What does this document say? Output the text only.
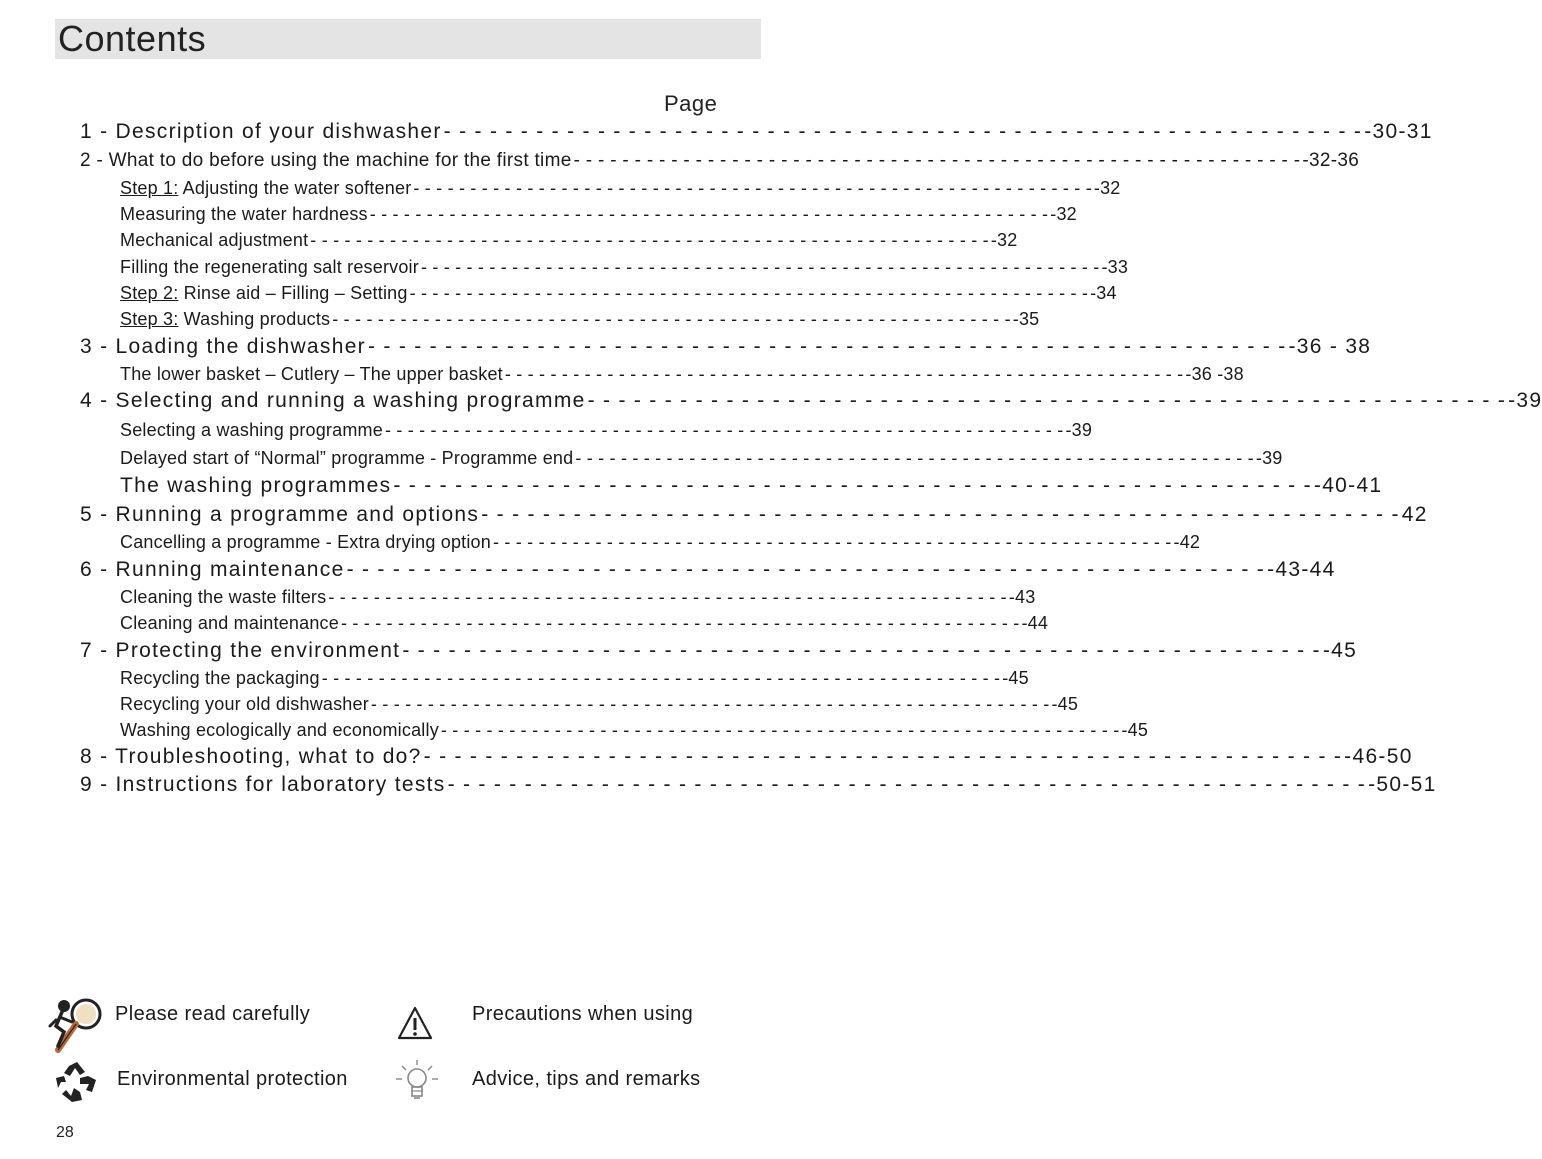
Contents
Page
1 - Description of your dishwasher - - - - - - - - - - - - - - - - - - - - - - - - - - - - - - - - - - - - - - - - - - - - - - - - - - - - - - - - - - - - -30-31
2 - What to do before using the machine for the first time - - - - - - - - - - - - - - - - - - - - - - - - - - - - - - - - - - - - - - - - - - - - - - - - - - - - - - - - - - - - -32-36
Step 1: Adjusting the water softener - - - - - - - - - - - - - - - - - - - - - - - - - - - - - - - - - - - - - - - - - - - - - - - - - - - - - - - - - - - - -32
Measuring the water hardness - - - - - - - - - - - - - - - - - - - - - - - - - - - - - - - - - - - - - - - - - - - - - - - - - - - - - - - - - - - - -32
Mechanical adjustment - - - - - - - - - - - - - - - - - - - - - - - - - - - - - - - - - - - - - - - - - - - - - - - - - - - - - - - - - - - - -32
Filling the regenerating salt reservoir - - - - - - - - - - - - - - - - - - - - - - - - - - - - - - - - - - - - - - - - - - - - - - - - - - - - - - - - - - - - -33
Step 2: Rinse aid – Filling – Setting - - - - - - - - - - - - - - - - - - - - - - - - - - - - - - - - - - - - - - - - - - - - - - - - - - - - - - - - - - - - -34
Step 3: Washing products - - - - - - - - - - - - - - - - - - - - - - - - - - - - - - - - - - - - - - - - - - - - - - - - - - - - - - - - - - - - -35
3 - Loading the dishwasher - - - - - - - - - - - - - - - - - - - - - - - - - - - - - - - - - - - - - - - - - - - - - - - - - - - - - - - - - - - - -36 - 38
The lower basket – Cutlery – The upper basket - - - - - - - - - - - - - - - - - - - - - - - - - - - - - - - - - - - - - - - - - - - - - - - - - - - - - - - - - - - - -36 -38
4 - Selecting and running a washing programme - - - - - - - - - - - - - - - - - - - - - - - - - - - - - - - - - - - - - - - - - - - - - - - - - - - - - - - - - - - - -39
Selecting a washing programme - - - - - - - - - - - - - - - - - - - - - - - - - - - - - - - - - - - - - - - - - - - - - - - - - - - - - - - - - - - - -39
Delayed start of “Normal” programme - Programme end - - - - - - - - - - - - - - - - - - - - - - - - - - - - - - - - - - - - - - - - - - - - - - - - - - - - - - - - - - - - -39
The washing programmes - - - - - - - - - - - - - - - - - - - - - - - - - - - - - - - - - - - - - - - - - - - - - - - - - - - - - - - - - - - - -40-41
5 - Running a programme and options - - - - - - - - - - - - - - - - - - - - - - - - - - - - - - - - - - - - - - - - - - - - - - - - - - - - - - - - - - - - 42
Cancelling a programme - Extra drying option - - - - - - - - - - - - - - - - - - - - - - - - - - - - - - - - - - - - - - - - - - - - - - - - - - - - - - - - - - - - -42
6 - Running maintenance - - - - - - - - - - - - - - - - - - - - - - - - - - - - - - - - - - - - - - - - - - - - - - - - - - - - - - - - - - - - -43-44
Cleaning the waste filters - - - - - - - - - - - - - - - - - - - - - - - - - - - - - - - - - - - - - - - - - - - - - - - - - - - - - - - - - - - - -43
Cleaning and maintenance - - - - - - - - - - - - - - - - - - - - - - - - - - - - - - - - - - - - - - - - - - - - - - - - - - - - - - - - - - - - -44
7 - Protecting the environment - - - - - - - - - - - - - - - - - - - - - - - - - - - - - - - - - - - - - - - - - - - - - - - - - - - - - - - - - - - - -45
Recycling the packaging - - - - - - - - - - - - - - - - - - - - - - - - - - - - - - - - - - - - - - - - - - - - - - - - - - - - - - - - - - - - -45
Recycling your old dishwasher - - - - - - - - - - - - - - - - - - - - - - - - - - - - - - - - - - - - - - - - - - - - - - - - - - - - - - - - - - - - -45
Washing ecologically and economically - - - - - - - - - - - - - - - - - - - - - - - - - - - - - - - - - - - - - - - - - - - - - - - - - - - - - - - - - - - - -45
8 - Troubleshooting, what to do? - - - - - - - - - - - - - - - - - - - - - - - - - - - - - - - - - - - - - - - - - - - - - - - - - - - - - - - - - - - - -46-50
9 - Instructions for laboratory tests - - - - - - - - - - - - - - - - - - - - - - - - - - - - - - - - - - - - - - - - - - - - - - - - - - - - - - - - - - - - -50-51
Please read carefully	Precautions when using
Environmental protection	Advice, tips and remarks
28
